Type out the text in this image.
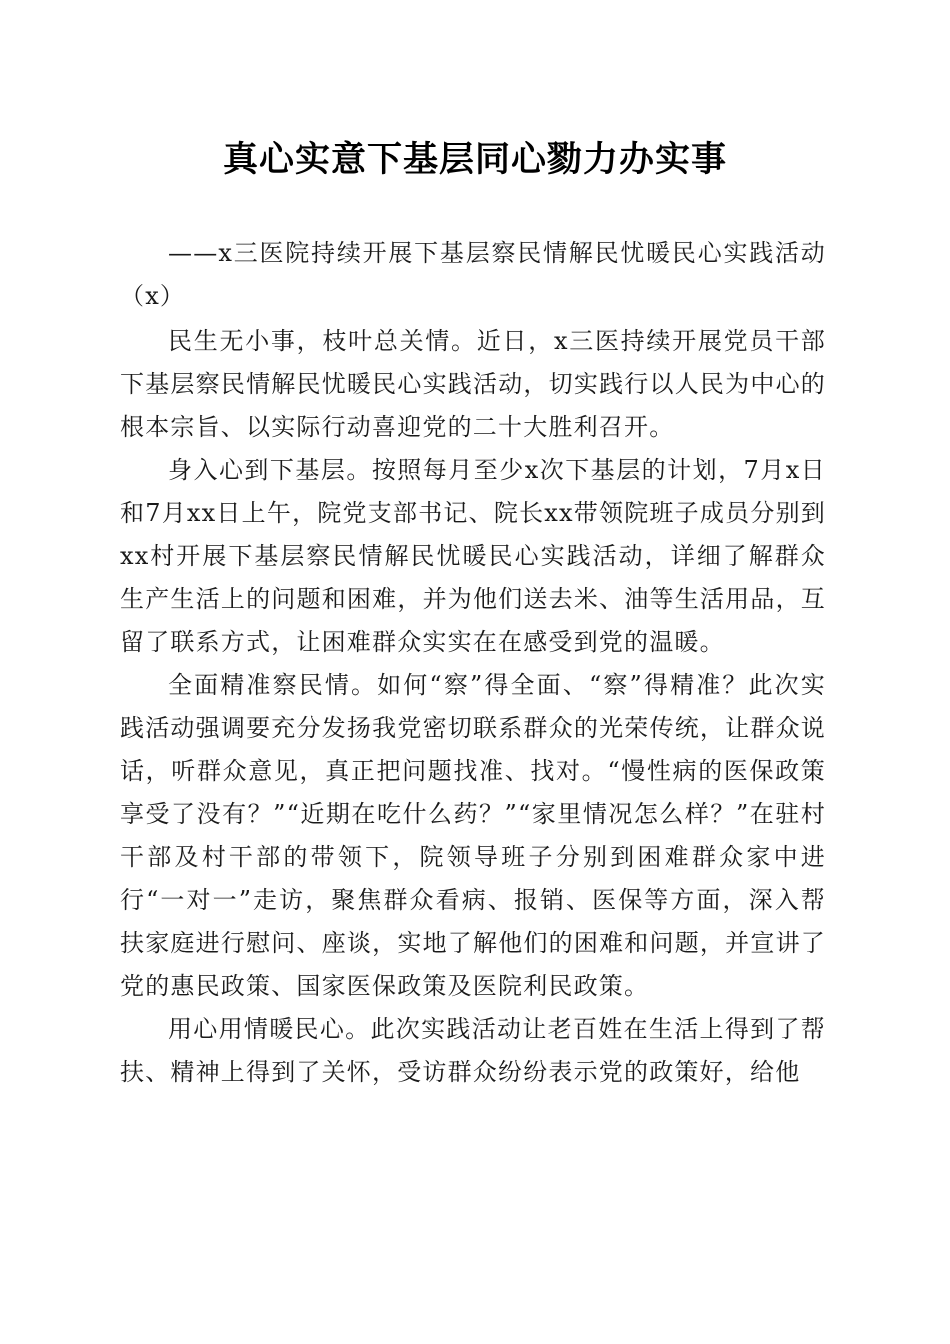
真心实意下基层同心勠力办实事

——x三医院持续开展下基层察民情解民忧暖民心实践活动（x）

民生无小事，枝叶总关情。近日，x三医持续开展党员干部下基层察民情解民忧暖民心实践活动，切实践行以人民为中心的根本宗旨、以实际行动喜迎党的二十大胜利召开。

身入心到下基层。按照每月至少x次下基层的计划，7月x日和7月xx日上午，院党支部书记、院长xx带领院班子成员分别到xx村开展下基层察民情解民忧暖民心实践活动，详细了解群众生产生活上的问题和困难，并为他们送去米、油等生活用品，互留了联系方式，让困难群众实实在在感受到党的温暖。

全面精准察民情。如何“察”得全面、“察”得精准？此次实践活动强调要充分发扬我党密切联系群众的光荣传统，让群众说话，听群众意见，真正把问题找准、找对。“慢性病的医保政策享受了没有？”“近期在吃什么药？”“家里情况怎么样？”在驻村干部及村干部的带领下，院领导班子分别到困难群众家中进行“一对一”走访，聚焦群众看病、报销、医保等方面，深入帮扶家庭进行慰问、座谈，实地了解他们的困难和问题，并宣讲了党的惠民政策、国家医保政策及医院利民政策。

用心用情暖民心。此次实践活动让老百姓在生活上得到了帮扶、精神上得到了关怀，受访群众纷纷表示党的政策好，给他
